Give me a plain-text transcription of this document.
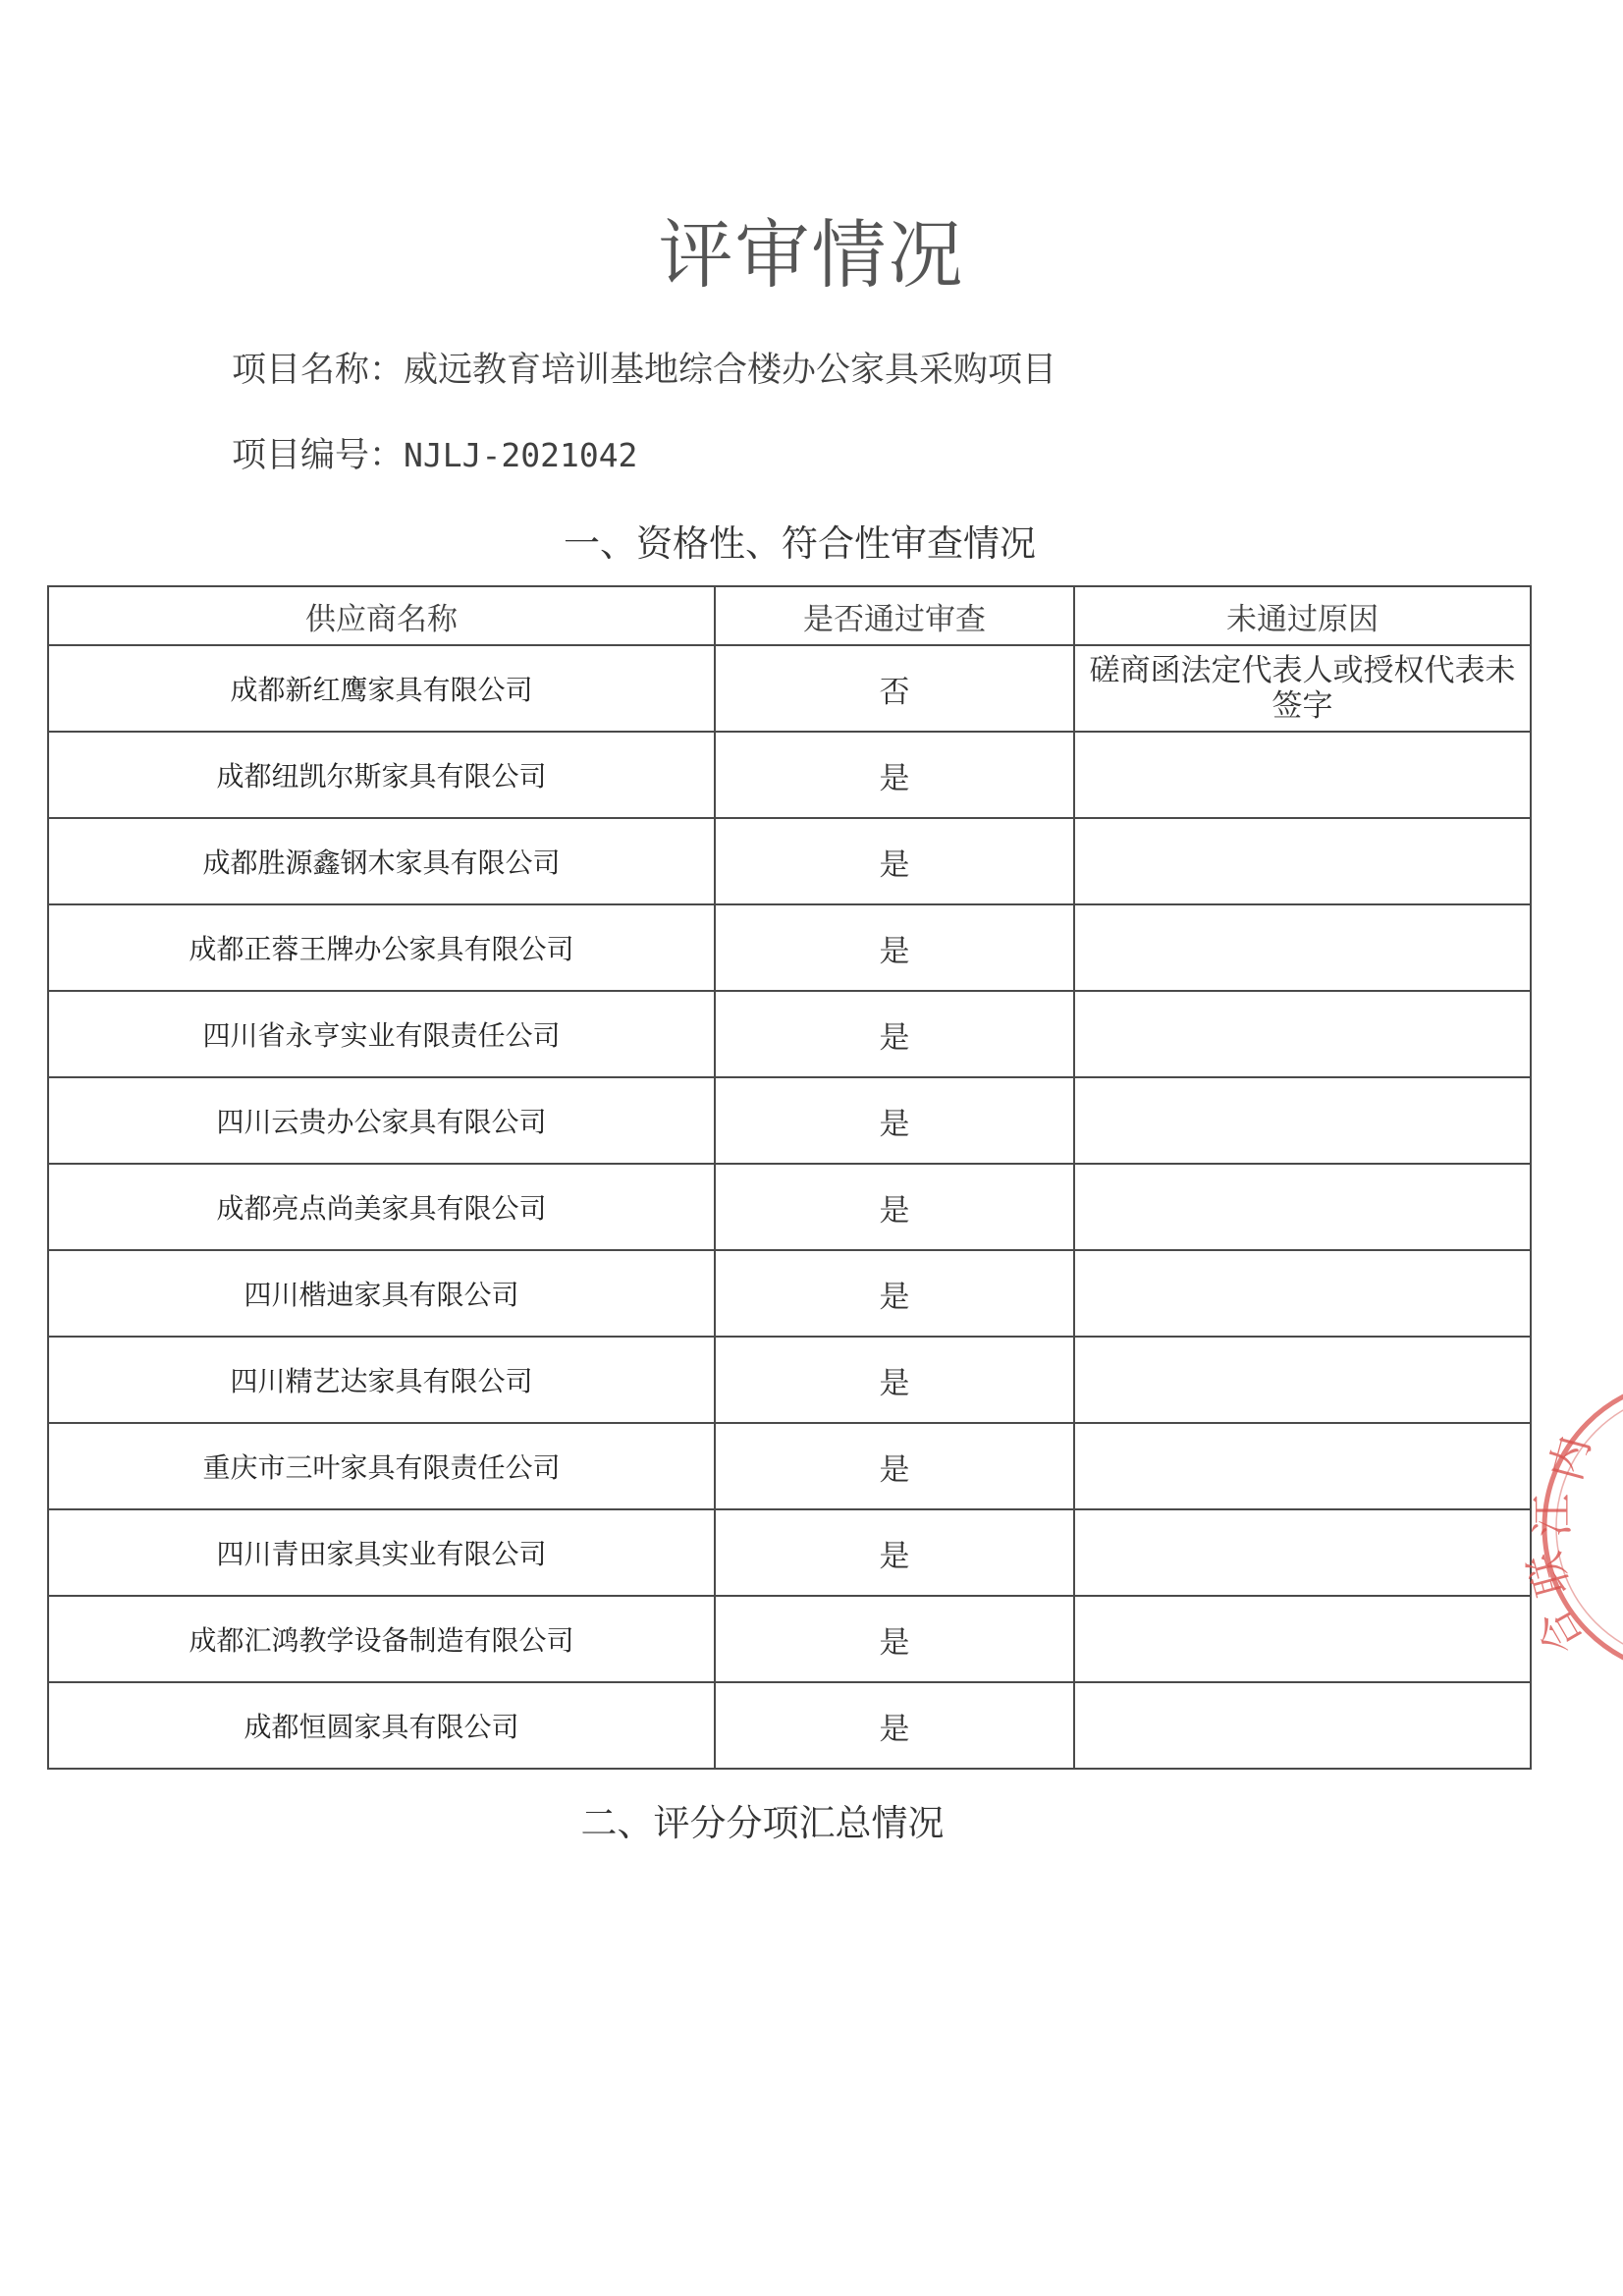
评审情况
项目名称：威远教育培训基地综合楼办公家具采购项目
项目编号：NJLJ-2021042
一、资格性、符合性审查情况
供应商名称	是否通过审查	未通过原因
成都新红鹰家具有限公司	否	磋商函法定代表人或授权代表未签字
成都纽凯尔斯家具有限公司	是	
成都胜源鑫钢木家具有限公司	是	
成都正蓉王牌办公家具有限公司	是	
四川省永亨实业有限责任公司	是	
四川云贵办公家具有限公司	是	
成都亮点尚美家具有限公司	是	
四川楷迪家具有限公司	是	
四川精艺达家具有限公司	是	
重庆市三叶家具有限责任公司	是	
四川青田家具实业有限公司	是	
成都汇鸿教学设备制造有限公司	是	
成都恒圆家具有限公司	是	
二、评分分项汇总情况
内
江
联
合
